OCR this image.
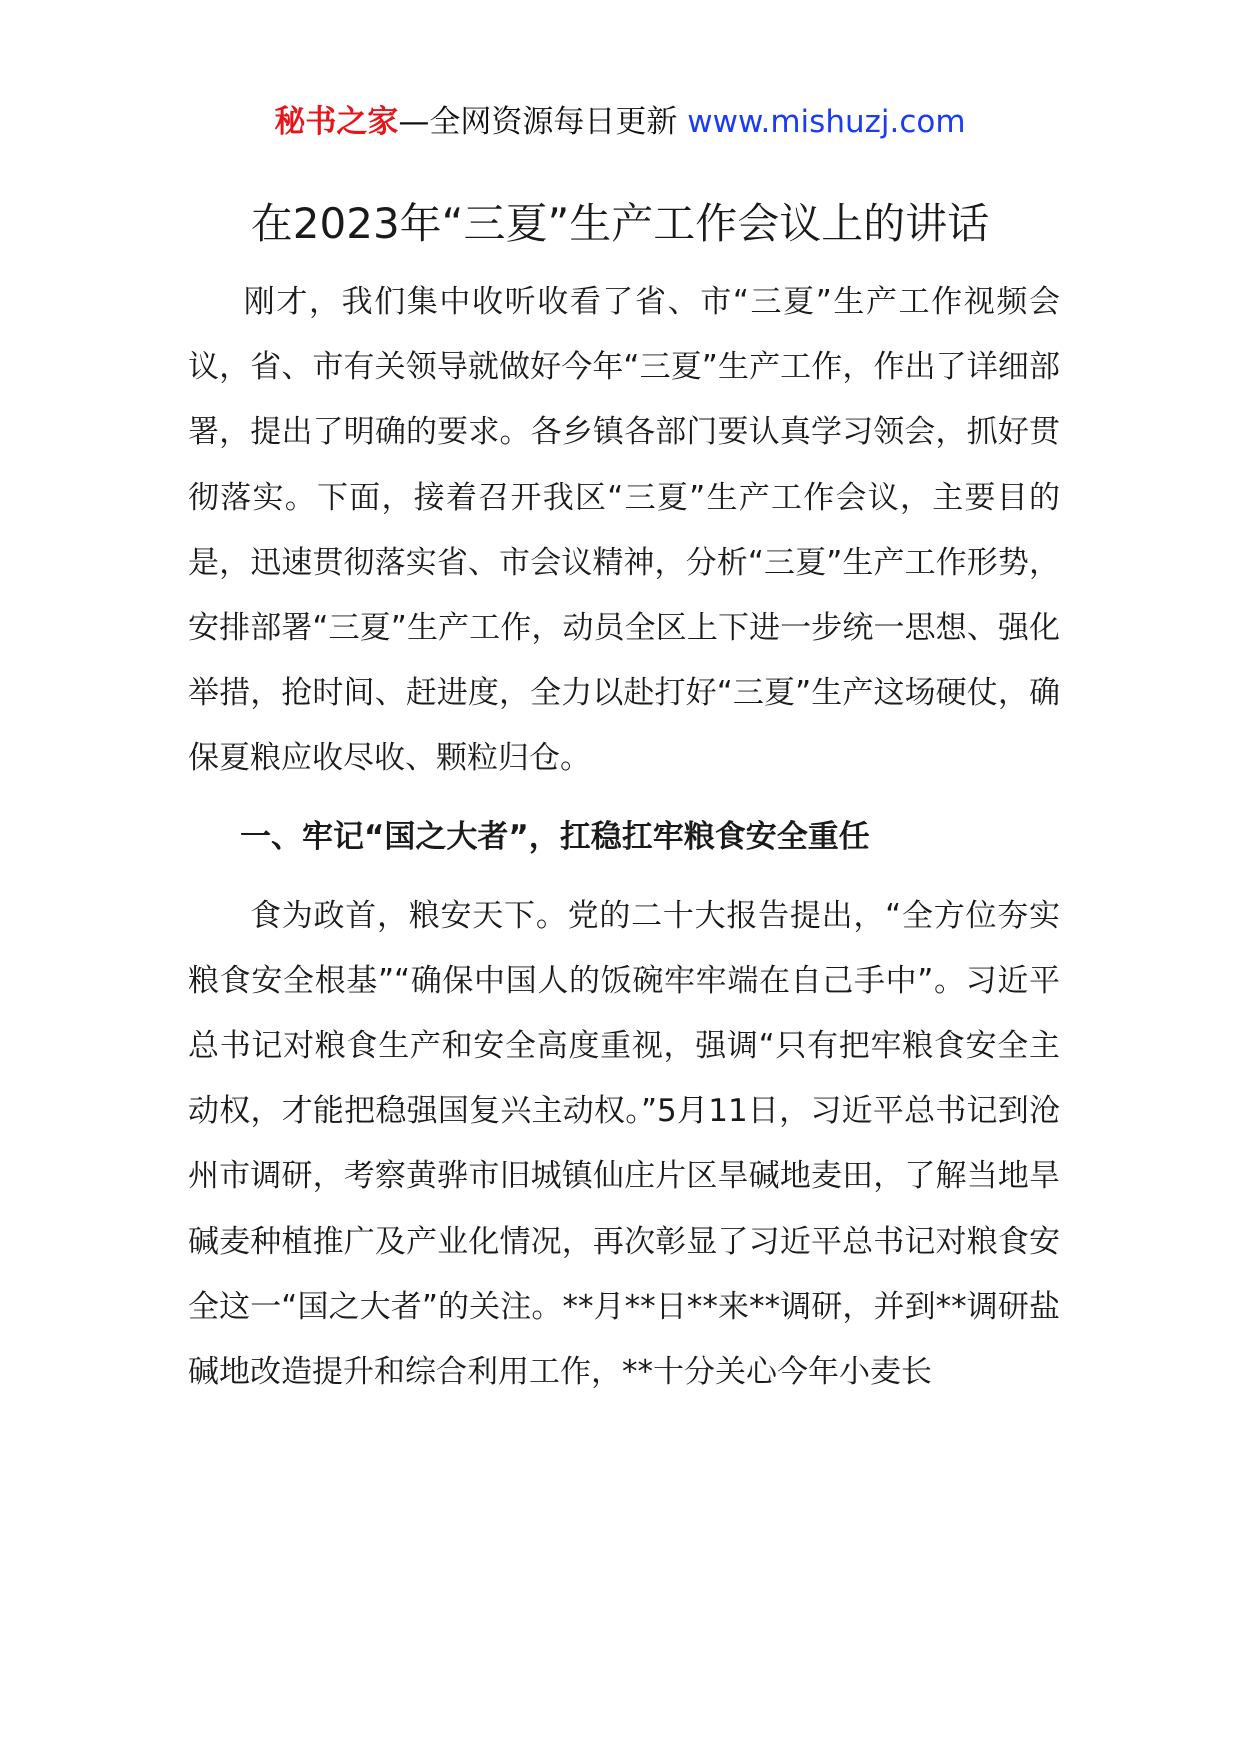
秘书之家—全网资源每日更新 www.mishuzj.com
在2023年“三夏”生产工作会议上的讲话

刚才，我们集中收听收看了省、市“三夏”生产工作视频会议，省、市有关领导就做好今年“三夏”生产工作，作出了详细部署，提出了明确的要求。各乡镇各部门要认真学习领会，抓好贯彻落实。下面，接着召开我区“三夏”生产工作会议，主要目的是，迅速贯彻落实省、市会议精神，分析“三夏”生产工作形势，安排部署“三夏”生产工作，动员全区上下进一步统一思想、强化举措，抢时间、赶进度，全力以赴打好“三夏”生产这场硬仗，确保夏粮应收尽收、颗粒归仓。

一、牢记“国之大者”，扛稳扛牢粮食安全重任

食为政首，粮安天下。党的二十大报告提出，“全方位夯实粮食安全根基”“确保中国人的饭碗牢牢端在自己手中”。习近平总书记对粮食生产和安全高度重视，强调“只有把牢粮食安全主动权，才能把稳强国复兴主动权。”5月11日，习近平总书记到沧州市调研，考察黄骅市旧城镇仙庄片区旱碱地麦田，了解当地旱碱麦种植推广及产业化情况，再次彰显了习近平总书记对粮食安全这一“国之大者”的关注。**月**日**来**调研，并到**调研盐碱地改造提升和综合利用工作，**十分关心今年小麦长
